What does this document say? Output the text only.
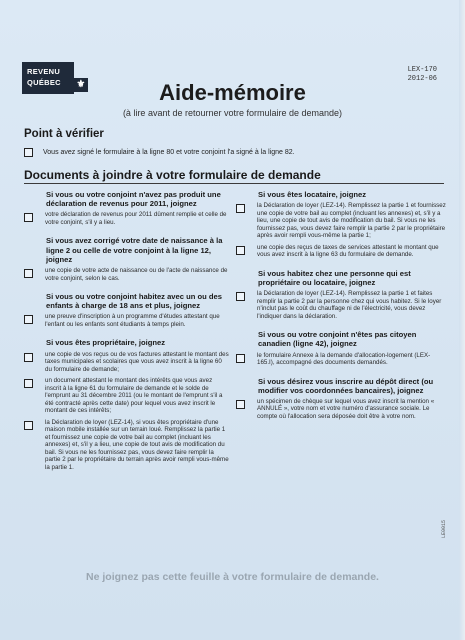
REVENU
QUÉBEC	⚜
LEX-170
2012-06
Aide-mémoire
(à lire avant de retourner votre formulaire de demande)
Point à vérifier
Vous avez signé le formulaire à la ligne 80 et votre conjoint l'a signé à la ligne 82.
Documents à joindre à votre formulaire de demande
Si vous ou votre conjoint n'avez pas produit une déclaration de revenus pour 2011, joignez
votre déclaration de revenus pour 2011 dûment remplie et celle de votre conjoint, s'il y a lieu.
Si vous avez corrigé votre date de naissance à la ligne 2 ou celle de votre conjoint à la ligne 12, joignez
une copie de votre acte de naissance ou de l'acte de naissance de votre conjoint, selon le cas.
Si vous ou votre conjoint habitez avec un ou des enfants à charge de 18 ans et plus, joignez
une preuve d'inscription à un programme d'études attestant que l'enfant ou les enfants sont étudiants à temps plein.
Si vous êtes propriétaire, joignez
une copie de vos reçus ou de vos factures attestant le montant des taxes municipales et scolaires que vous avez inscrit à la ligne 60 du formulaire de demande;
un document attestant le montant des intérêts que vous avez inscrit à la ligne 61 du formulaire de demande et le solde de l'emprunt au 31 décembre 2011 (ou le montant de l'emprunt s'il a été contracté après cette date) pour lequel vous avez inscrit le montant de ces intérêts;
la Déclaration de loyer (LEZ-14), si vous êtes propriétaire d'une maison mobile installée sur un terrain loué. Remplissez la partie 1 et fournissez une copie de votre bail au complet (incluant les annexes) et, s'il y a lieu, une copie de tout avis de modification du bail. Si vous ne les fournissez pas, vous devez faire remplir la partie 2 par le propriétaire du terrain après avoir rempli vous-même la partie 1.
Si vous êtes locataire, joignez
la Déclaration de loyer (LEZ-14). Remplissez la partie 1 et fournissez une copie de votre bail au complet (incluant les annexes) et, s'il y a lieu, une copie de tout avis de modification du bail. Si vous ne les fournissez pas, vous devez faire remplir la partie 2 par le propriétaire après avoir rempli vous-même la partie 1;
une copie des reçus de taxes de services attestant le montant que vous avez inscrit à la ligne 63 du formulaire de demande.
Si vous habitez chez une personne qui est propriétaire ou locataire, joignez
la Déclaration de loyer (LEZ-14). Remplissez la partie 1 et faites remplir la partie 2 par la personne chez qui vous habitez. Si le loyer n'inclut pas le coût du chauffage ni de l'électricité, vous devez l'indiquer dans la déclaration.
Si vous ou votre conjoint n'êtes pas citoyen canadien (ligne 42), joignez
le formulaire Annexe à la demande d'allocation-logement (LEX-165.I), accompagné des documents demandés.
Si vous désirez vous inscrire au dépôt direct (ou modifier vos coordonnées bancaires), joignez
un spécimen de chèque sur lequel vous avez inscrit la mention « ANNULÉ », votre nom et votre numéro d'assurance sociale. Le compte où l'allocation sera déposée doit être à votre nom.
Ne joignez pas cette feuille à votre formulaire de demande.
LE0015
